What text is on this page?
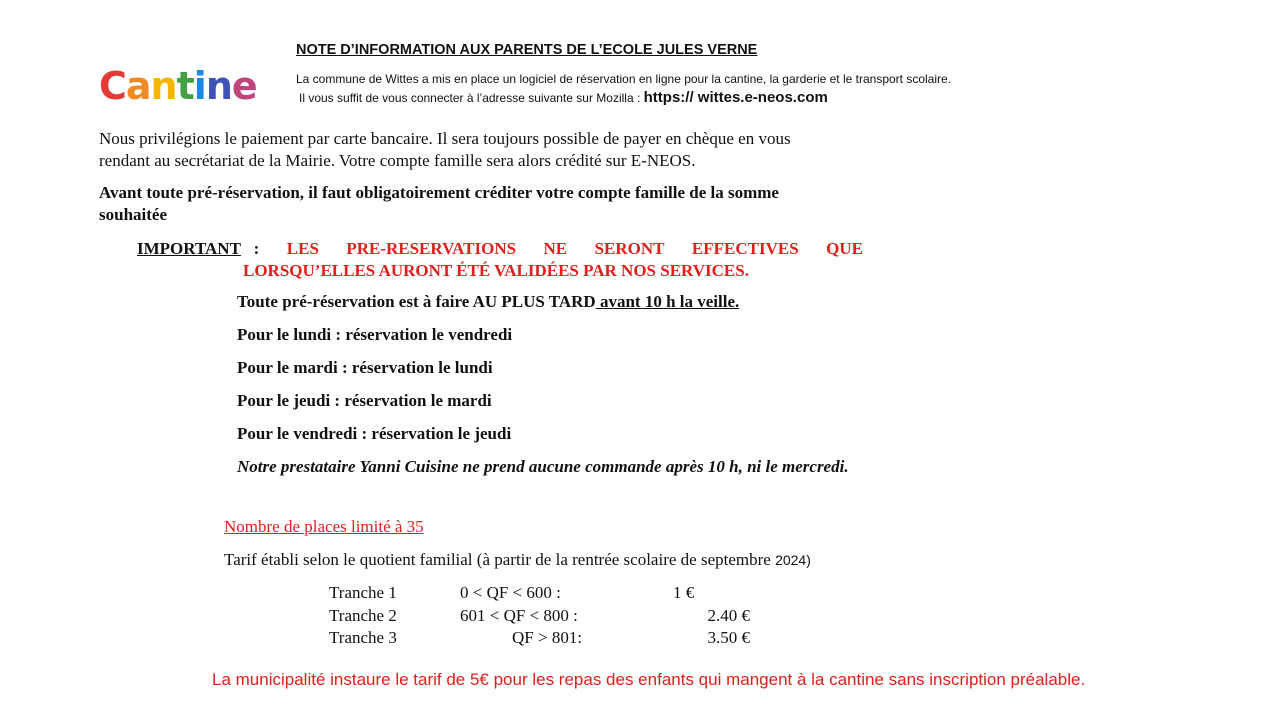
Cantine
NOTE D’INFORMATION AUX PARENTS DE L’ECOLE JULES VERNE
La commune de Wittes a mis en place un logiciel de réservation en ligne pour la cantine, la garderie et le transport scolaire.
Il vous suffit de vous connecter à l’adresse suivante sur Mozilla : https:// wittes.e-neos.com
Nous privilégions le paiement par carte bancaire. Il sera toujours possible de payer en chèque en vous
rendant au secrétariat de la Mairie. Votre compte famille sera alors crédité sur E-NEOS.
Avant toute pré-réservation, il faut obligatoirement créditer votre compte famille de la somme
souhaitée
IMPORTANT : LES PRE-RESERVATIONS NE SERONT EFFECTIVES QUE
LORSQU’ELLES AURONT ÉTÉ VALIDÉES PAR NOS SERVICES.
Toute pré-réservation est à faire AU PLUS TARD avant 10 h la veille.
Pour le lundi : réservation le vendredi
Pour le mardi : réservation le lundi
Pour le jeudi : réservation le mardi
Pour le vendredi : réservation le jeudi
Notre prestataire Yanni Cuisine ne prend aucune commande après 10 h, ni le mercredi.
Nombre de places limité à 35
Tarif établi selon le quotient familial (à partir de la rentrée scolaire de septembre 2024)
Tranche 1	0 < QF < 600 :	1 €
Tranche 2	601 < QF < 800 :	2.40 €
Tranche 3	QF > 801:	3.50 €
La municipalité instaure le tarif de 5€ pour les repas des enfants qui mangent à la cantine sans inscription préalable.
